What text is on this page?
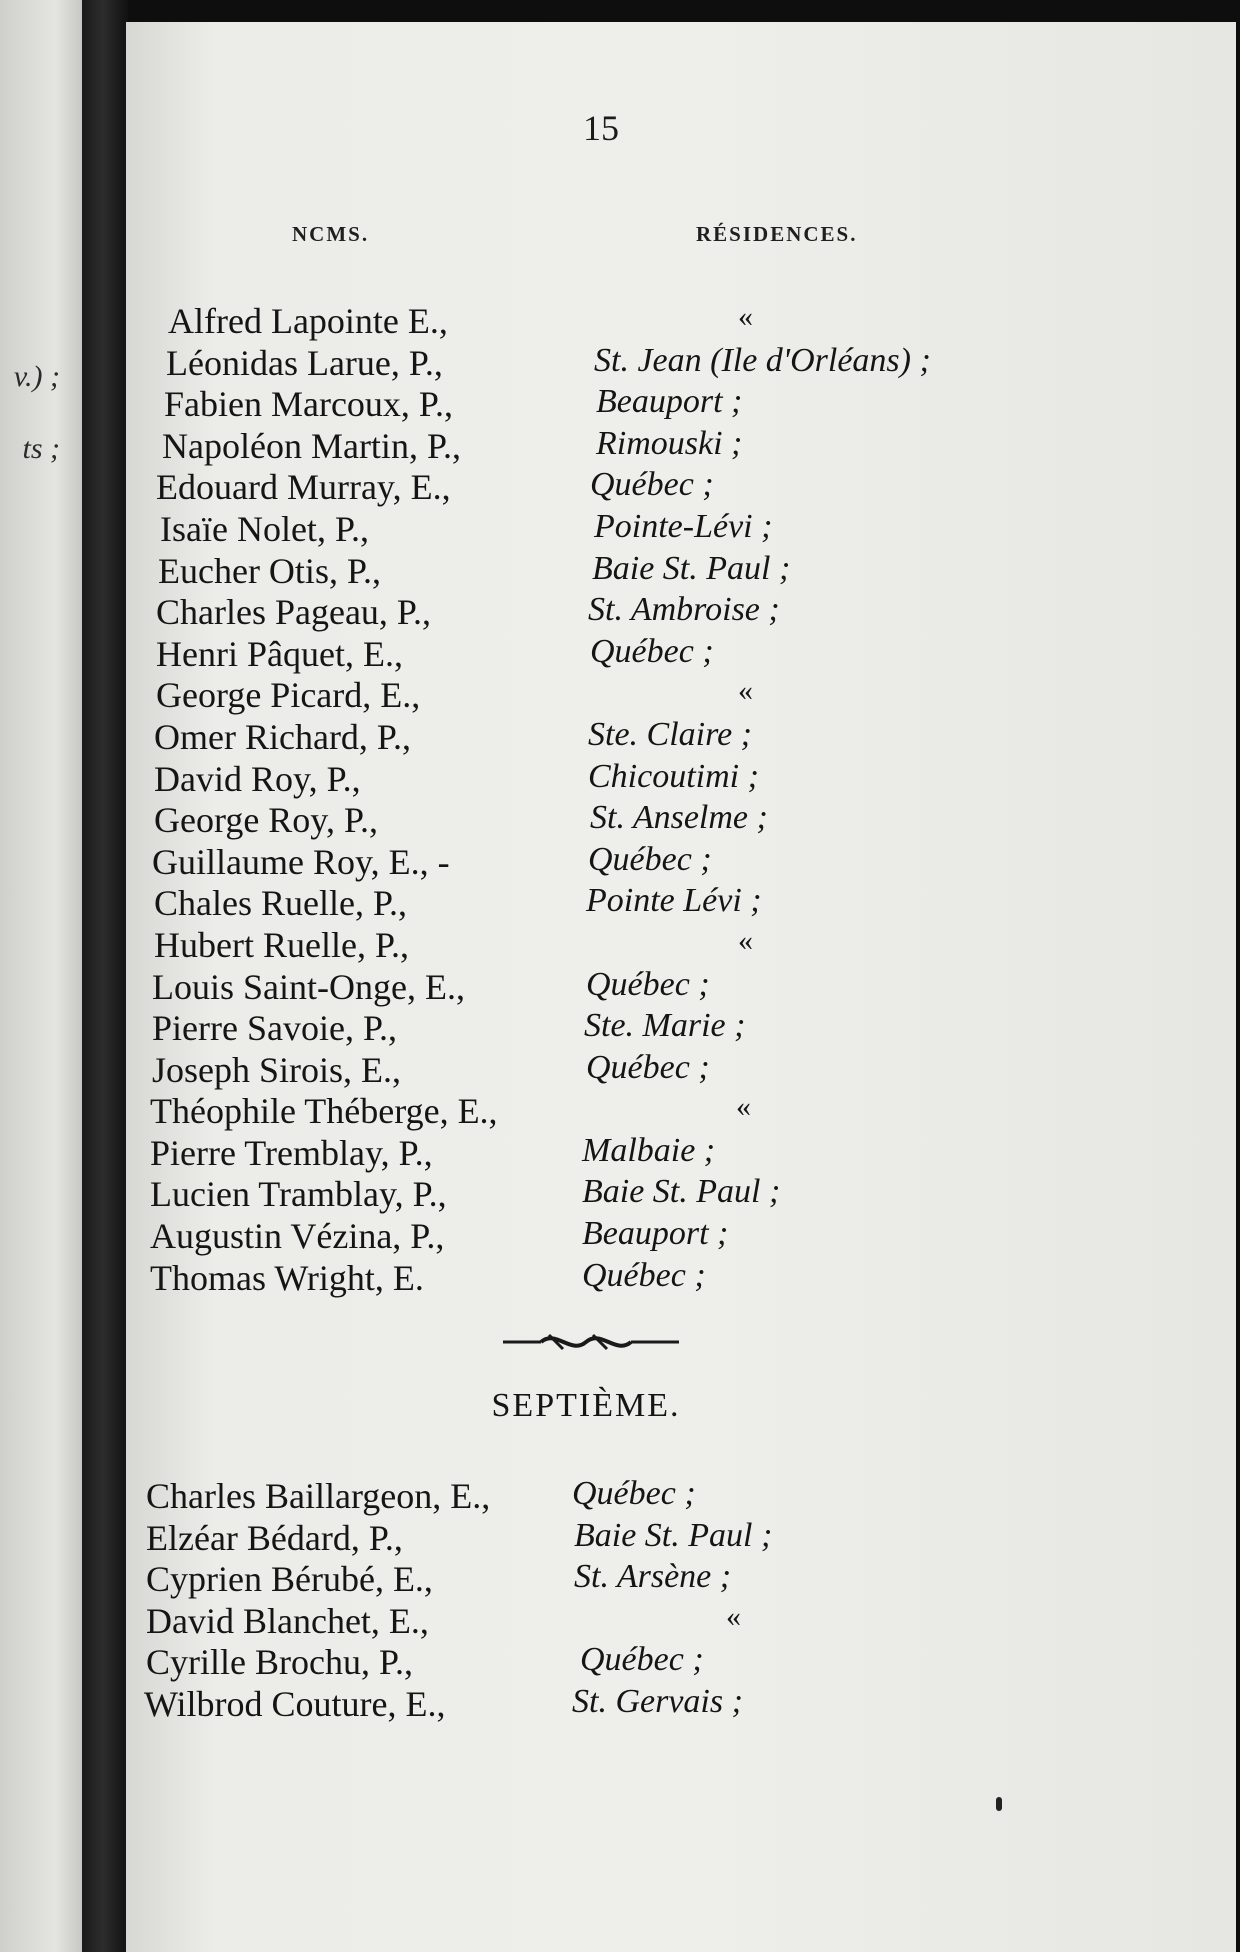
v.) ;
ts ;
15
NCMS.	RÉSIDENCES.
Alfred Lapointe E.,	«
Léonidas Larue, P.,	St. Jean (Ile d'Orléans) ;
Fabien Marcoux, P.,	Beauport ;
Napoléon Martin, P.,	Rimouski ;
Edouard Murray, E.,	Québec ;
Isaïe Nolet, P.,	Pointe-Lévi ;
Eucher Otis, P.,	Baie St. Paul ;
Charles Pageau, P.,	St. Ambroise ;
Henri Pâquet, E.,	Québec ;
George Picard, E.,	«
Omer Richard, P.,	Ste. Claire ;
David Roy, P.,	Chicoutimi ;
George Roy, P.,	St. Anselme ;
Guillaume Roy, E., -	Québec ;
Chales Ruelle, P.,	Pointe Lévi ;
Hubert Ruelle, P.,	«
Louis Saint-Onge, E.,	Québec ;
Pierre Savoie, P.,	Ste. Marie ;
Joseph Sirois, E.,	Québec ;
Théophile Théberge, E.,	«
Pierre Tremblay, P.,	Malbaie ;
Lucien Tramblay, P.,	Baie St. Paul ;
Augustin Vézina, P.,	Beauport ;
Thomas Wright, E.	Québec ;
SEPTIÈME.
Charles Baillargeon, E., Québec ;
Elzéar Bédard, P.,	Baie St. Paul ;
Cyprien Bérubé, E.,	St. Arsène ;
David Blanchet, E.,	«
Cyrille Brochu, P.,	Québec ;
Wilbrod Couture, E.,	St. Gervais ;
